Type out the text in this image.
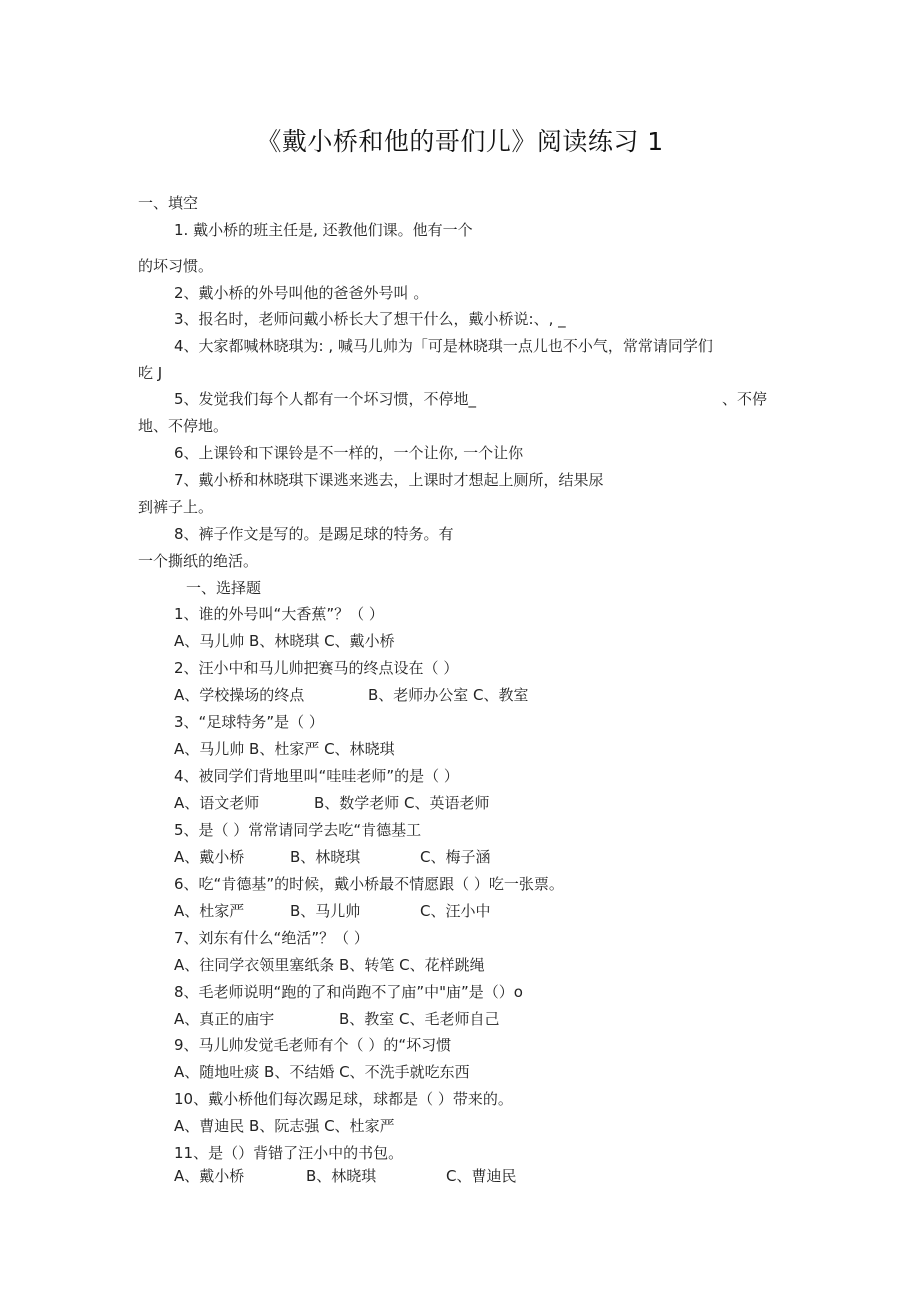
《戴小桥和他的哥们儿》阅读练习 1
一、填空
1. 戴小桥的班主任是, 还教他们课。他有一个
的坏习惯。
2、戴小桥的外号叫他的爸爸外号叫 。
3、报名时，老师问戴小桥长大了想干什么，戴小桥说:、, _
4、大家都喊林晓琪为: , 喊马儿帅为「可是林晓琪一点儿也不小气，常常请同学们
吃 J
5、发觉我们每个人都有一个坏习惯，不停地_	、不停
地、不停地。
6、上课铃和下课铃是不一样的，一个让你, 一个让你
7、戴小桥和林晓琪下课逃来逃去，上课时才想起上厕所，结果尿
到裤子上。
8、裤子作文是写的。是踢足球的特务。有
一个撕纸的绝活。
一、选择题
1、谁的外号叫“大香蕉”？（ ）
A、马儿帅 B、林晓琪 C、戴小桥
2、汪小中和马儿帅把赛马的终点设在（ ）
A、学校操场的终点	B、老师办公室 C、教室
3、“足球特务”是（ ）
A、马儿帅 B、杜家严 C、林晓琪
4、被同学们背地里叫“哇哇老师”的是（ ）
A、语文老师	B、数学老师 C、英语老师
5、是（ ）常常请同学去吃“肯德基工
A、戴小桥	B、林晓琪	C、梅子涵
6、吃“肯德基”的时候，戴小桥最不情愿跟（ ）吃一张票。
A、杜家严	B、马儿帅	C、汪小中
7、刘东有什么“绝活”？（ ）
A、往同学衣领里塞纸条 B、转笔 C、花样跳绳
8、毛老师说明“跑的了和尚跑不了庙”中"庙”是（）o
A、真正的庙宇	B、教室 C、毛老师自己
9、马儿帅发觉毛老师有个（ ）的“坏习惯
A、随地吐痰 B、不结婚 C、不洗手就吃东西
10、戴小桥他们每次踢足球，球都是（ ）带来的。
A、曹迪民 B、阮志强 C、杜家严
11、是（）背错了汪小中的书包。
A、戴小桥	B、林晓琪	C、曹迪民
